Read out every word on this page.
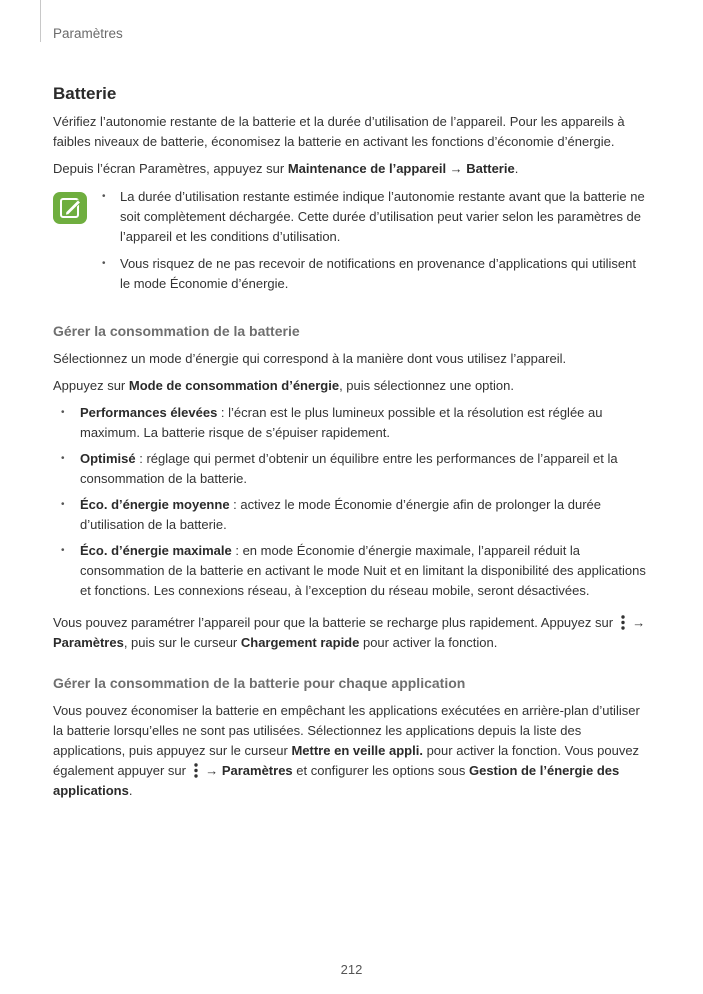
Paramètres
Batterie

Vérifiez l’autonomie restante de la batterie et la durée d’utilisation de l’appareil. Pour les appareils à faibles niveaux de batterie, économisez la batterie en activant les fonctions d’économie d’énergie.

Depuis l’écran Paramètres, appuyez sur Maintenance de l’appareil → Batterie.

• La durée d’utilisation restante estimée indique l’autonomie restante avant que la batterie ne soit complètement déchargée. Cette durée d’utilisation peut varier selon les paramètres de l’appareil et les conditions d’utilisation.
• Vous risquez de ne pas recevoir de notifications en provenance d’applications qui utilisent le mode Économie d’énergie.
Gérer la consommation de la batterie

Sélectionnez un mode d’énergie qui correspond à la manière dont vous utilisez l’appareil.

Appuyez sur Mode de consommation d’énergie, puis sélectionnez une option.

• Performances élevées : l’écran est le plus lumineux possible et la résolution est réglée au maximum. La batterie risque de s’épuiser rapidement.
• Optimisé : réglage qui permet d’obtenir un équilibre entre les performances de l’appareil et la consommation de la batterie.
• Éco. d’énergie moyenne : activez le mode Économie d’énergie afin de prolonger la durée d’utilisation de la batterie.
• Éco. d’énergie maximale : en mode Économie d’énergie maximale, l’appareil réduit la consommation de la batterie en activant le mode Nuit et en limitant la disponibilité des applications et fonctions. Les connexions réseau, à l’exception du réseau mobile, seront désactivées.

Vous pouvez paramétrer l’appareil pour que la batterie se recharge plus rapidement. Appuyez sur  → Paramètres, puis sur le curseur Chargement rapide pour activer la fonction.

Gérer la consommation de la batterie pour chaque application

Vous pouvez économiser la batterie en empêchant les applications exécutées en arrière-plan d’utiliser la batterie lorsqu’elles ne sont pas utilisées. Sélectionnez les applications depuis la liste des applications, puis appuyez sur le curseur Mettre en veille appli. pour activer la fonction. Vous pouvez également appuyer sur  → Paramètres et configurer les options sous Gestion de l’énergie des applications.

212
